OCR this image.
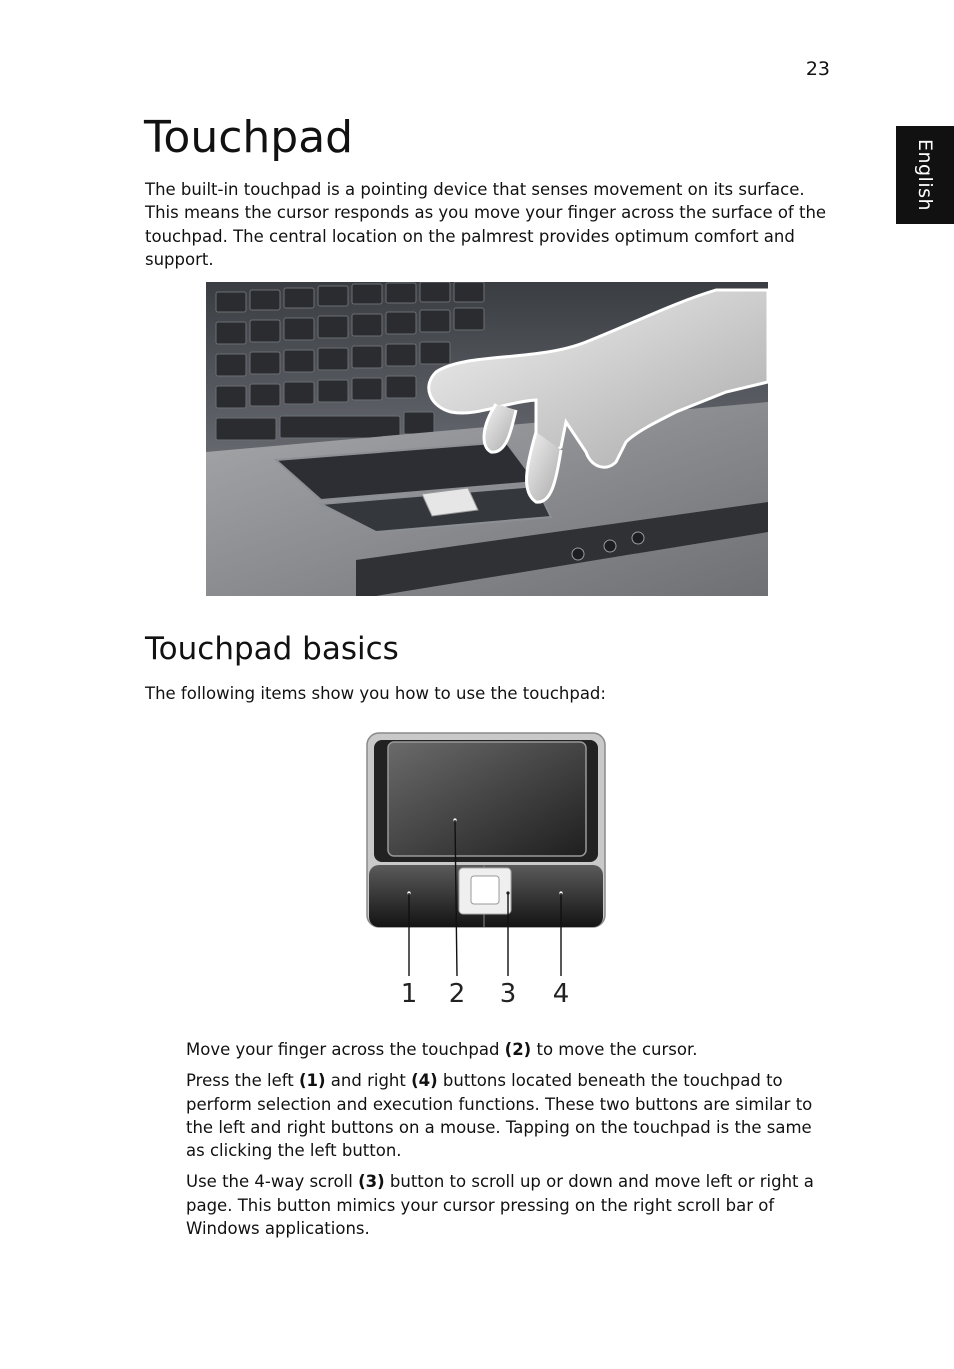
23
English
Touchpad

The built-in touchpad is a pointing device that senses movement on its surface. This means the cursor responds as you move your finger across the surface of the touchpad. The central location on the palmrest provides optimum comfort and support.

Touchpad basics

The following items show you how to use the touchpad:

1 2 3 4

Move your finger across the touchpad (2) to move the cursor.

Press the left (1) and right (4) buttons located beneath the touchpad to perform selection and execution functions. These two buttons are similar to the left and right buttons on a mouse. Tapping on the touchpad is the same as clicking the left button.

Use the 4-way scroll (3) button to scroll up or down and move left or right a page. This button mimics your cursor pressing on the right scroll bar of Windows applications.
